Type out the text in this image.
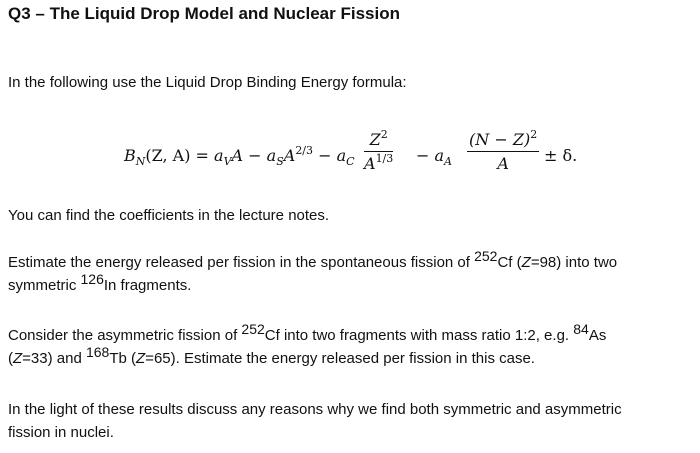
Q3 – The Liquid Drop Model and Nuclear Fission
In the following use the Liquid Drop Binding Energy formula:
$B_N(Z$, $A) = a_VA - a_SA^{2/3} - a_C \frac{Z^2}{A^{1/3}} - a_A \frac{(N - Z)^2}{A} \pm \delta$.
You can find the coefficients in the lecture notes.
Estimate the energy released per fission in the spontaneous fission of $^{252}$Cf (Z=98) into two
symmetric $^{126}$In fragments.
Consider the asymmetric fission of $^{252}$Cf into two fragments with mass ratio 1:2, e.g. $^{84}$As
(Z=33) and $^{168}$Tb (Z=65). Estimate the energy released per fission in this case.
In the light of these results discuss any reasons why we find both symmetric and asymmetric
fission in nuclei.
